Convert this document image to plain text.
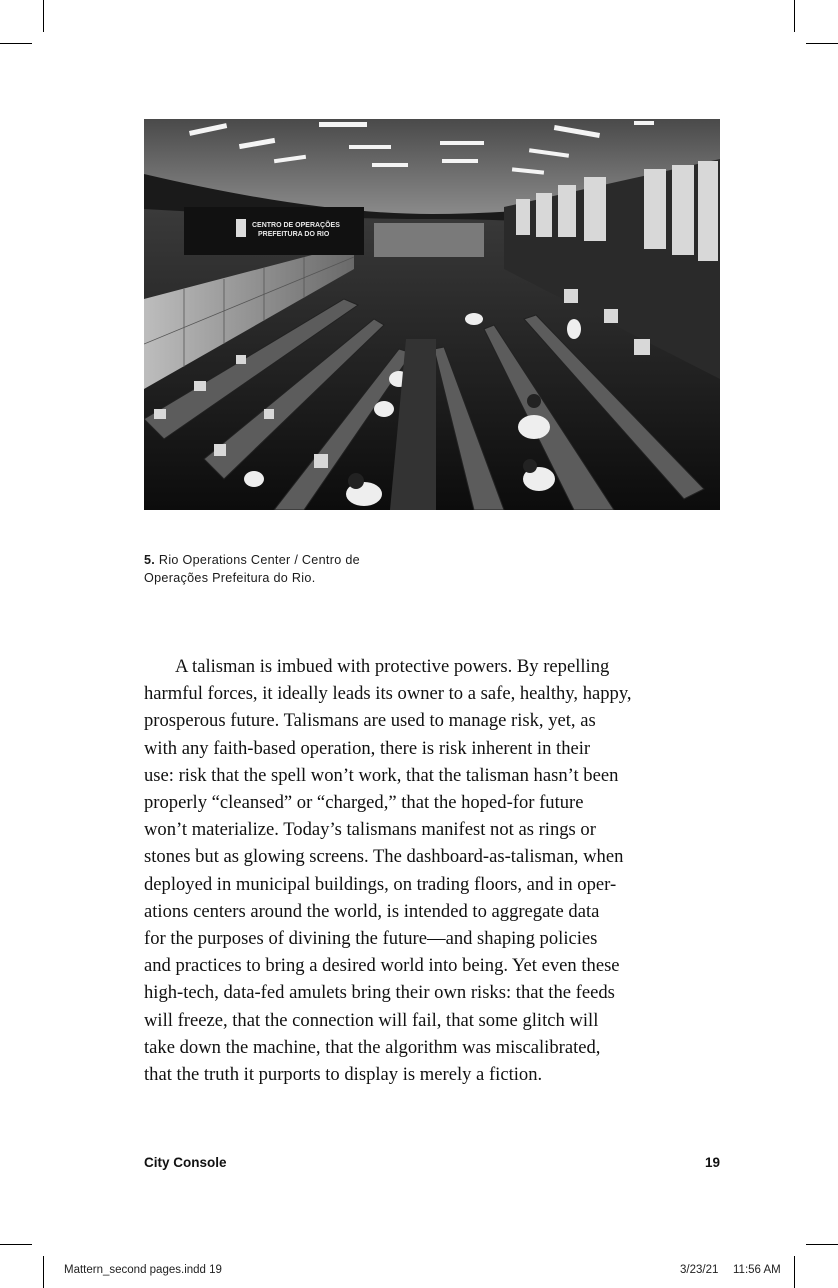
CENTRO DE OPERAÇÕES
PREFEITURA DO RIO
5. Rio Operations Center / Centro de
Operações Prefeitura do Rio.

A talisman is imbued with protective powers. By repelling
harmful forces, it ideally leads its owner to a safe, healthy, happy,
prosperous future. Talismans are used to manage risk, yet, as
with any faith-based operation, there is risk inherent in their
use: risk that the spell won’t work, that the talisman hasn’t been
properly “cleansed” or “charged,” that the hoped-for future
won’t materialize. Today’s talismans manifest not as rings or
stones but as glowing screens. The dashboard-as-talisman, when
deployed in municipal buildings, on trading floors, and in oper-
ations centers around the world, is intended to aggregate data
for the purposes of divining the future—and shaping policies
and practices to bring a desired world into being. Yet even these
high-tech, data-fed amulets bring their own risks: that the feeds
will freeze, that the connection will fail, that some glitch will
take down the machine, that the algorithm was miscalibrated,
that the truth it purports to display is merely a fiction.

City Console	19
Mattern_second pages.indd 19	3/23/21 11:56 AM
